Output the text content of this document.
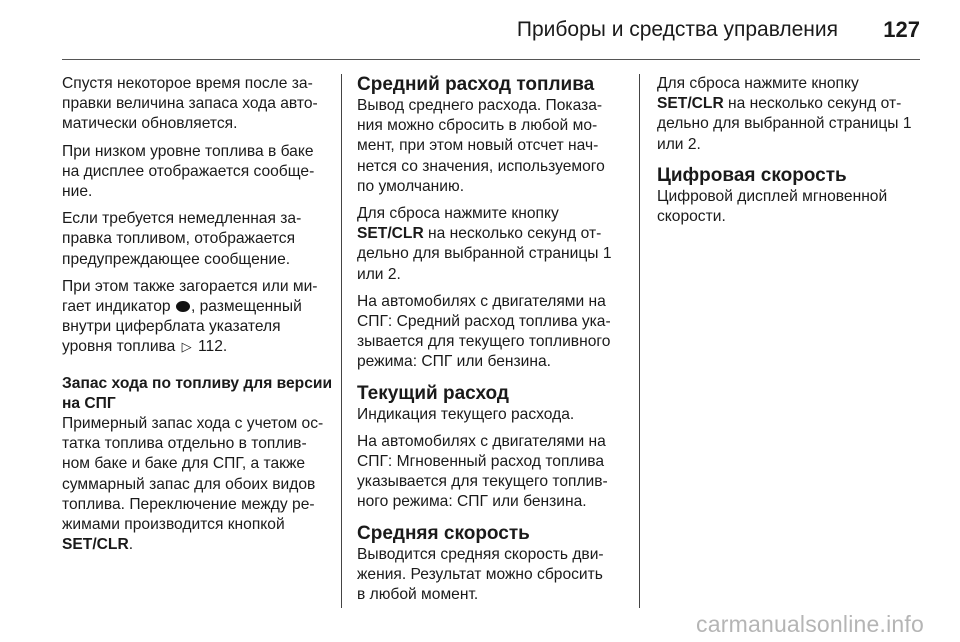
Приборы и средства управления 127

Спустя некоторое время после за-
правки величина запаса хода авто-
матически обновляется.

При низком уровне топлива в баке
на дисплее отображается сообще-
ние.

Если требуется немедленная за-
правка топливом, отображается
предупреждающее сообщение.

При этом также загорается или ми-
гает индикатор , размещенный
внутри циферблата указателя
уровня топлива ▷ 112.

Запас хода по топливу для версии
на СПГ

Примерный запас хода с учетом ос-
татка топлива отдельно в топлив-
ном баке и баке для СПГ, а также
суммарный запас для обоих видов
топлива. Переключение между ре-
жимами производится кнопкой
SET/CLR.

Средний расход топлива

Вывод среднего расхода. Показа-
ния можно сбросить в любой мо-
мент, при этом новый отсчет нач-
нется со значения, используемого
по умолчанию.

Для сброса нажмите кнопку
SET/CLR на несколько секунд от-
дельно для выбранной страницы 1
или 2.

На автомобилях с двигателями на
СПГ: Средний расход топлива ука-
зывается для текущего топливного
режима: СПГ или бензина.

Текущий расход

Индикация текущего расхода.

На автомобилях с двигателями на
СПГ: Мгновенный расход топлива
указывается для текущего топлив-
ного режима: СПГ или бензина.

Средняя скорость

Выводится средняя скорость дви-
жения. Результат можно сбросить
в любой момент.

Для сброса нажмите кнопку
SET/CLR на несколько секунд от-
дельно для выбранной страницы 1
или 2.

Цифровая скорость

Цифровой дисплей мгновенной
скорости.

carmanualsonline.info
